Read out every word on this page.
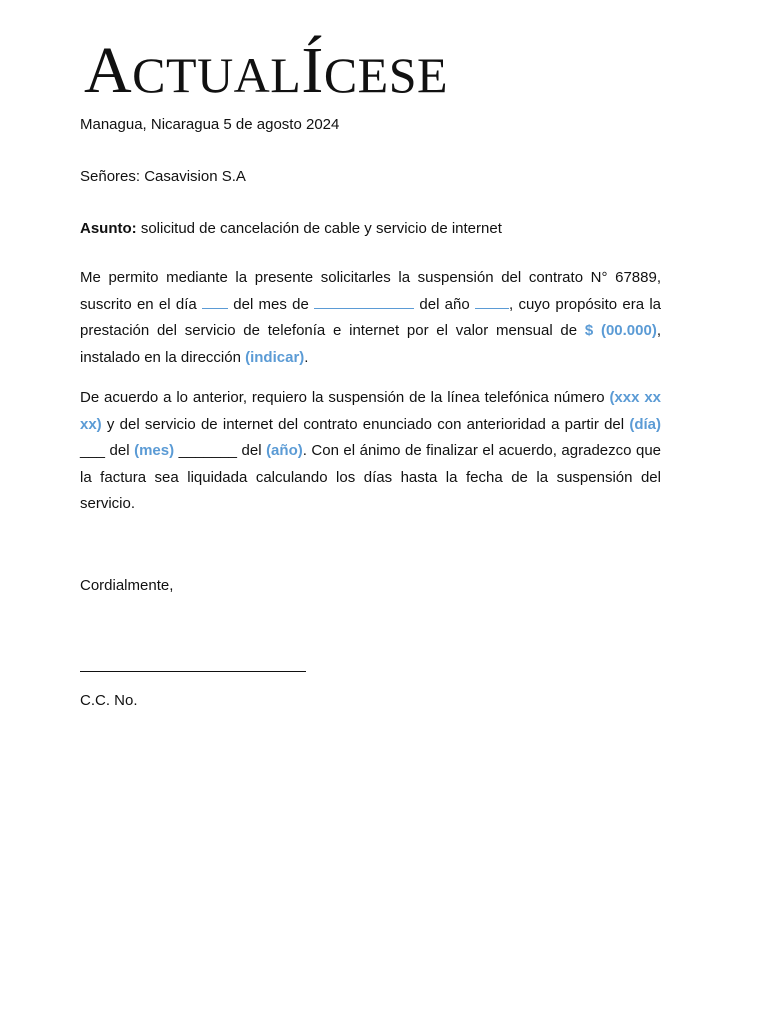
ACTUALÍCESE
Managua, Nicaragua 5 de agosto 2024
Señores: Casavision S.A
Asunto: solicitud de cancelación de cable y servicio de internet
Me permito mediante la presente solicitarles la suspensión del contrato N° 67889, suscrito en el día  del mes de	del año , cuyo propósito era la prestación del servicio de telefonía e internet por el valor mensual de $ (00.000), instalado en la dirección (indicar).
De acuerdo a lo anterior, requiero la suspensión de la línea telefónica número (xxx xx xx) y del servicio de internet del contrato enunciado con anterioridad a partir del (día) ___ del (mes) _______ del (año). Con el ánimo de finalizar el acuerdo, agradezco que la factura sea liquidada calculando los días hasta la fecha de la suspensión del servicio.
Cordialmente,
C.C. No.
